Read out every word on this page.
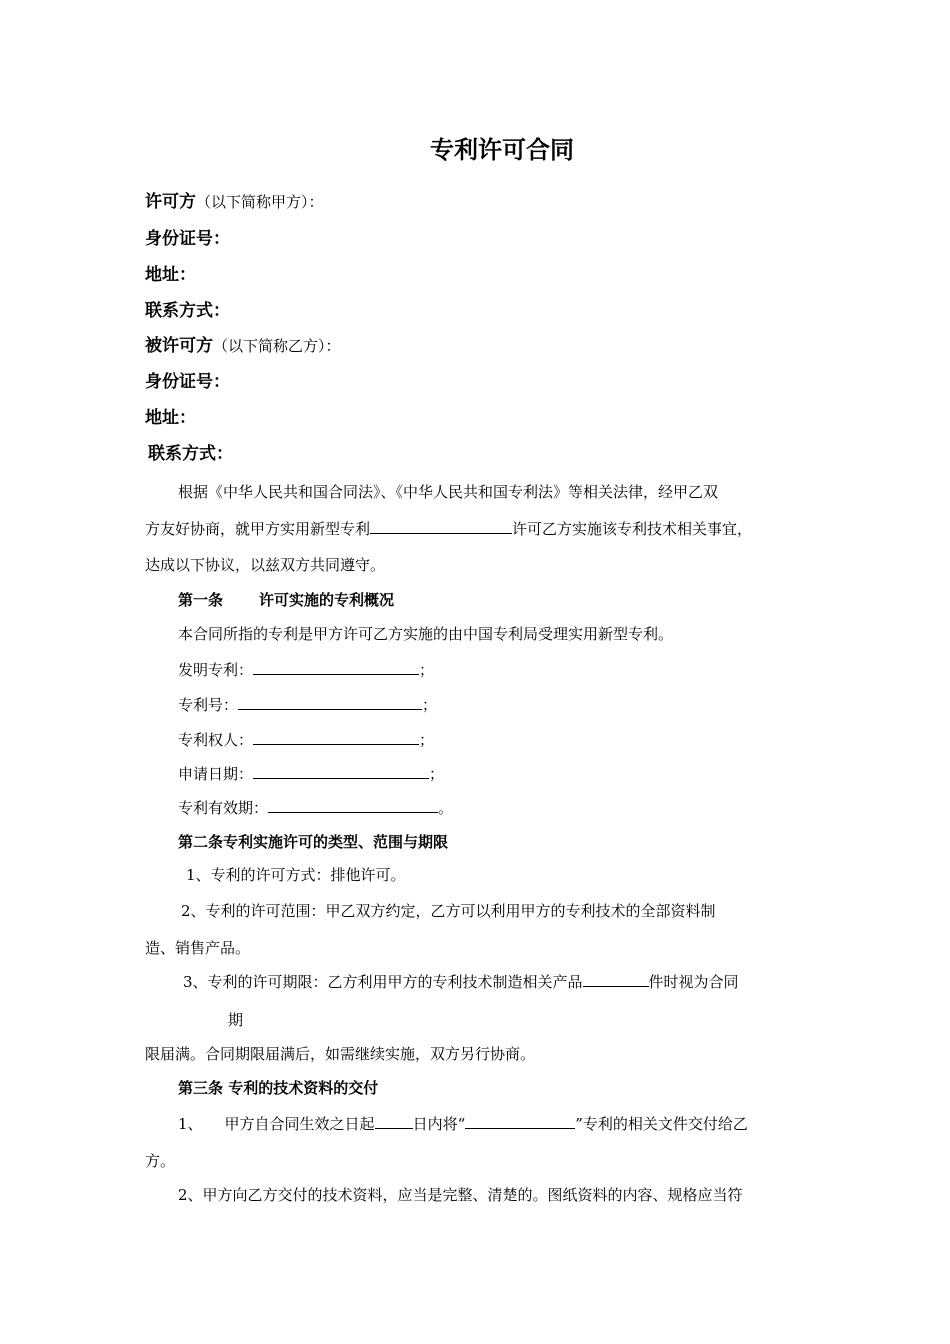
专利许可合同
许可方（以下简称甲方）：
身份证号：
地址：
联系方式：
被许可方（以下简称乙方）：
身份证号：
地址：
联系方式：
根据《中华人民共和国合同法》、《中华人民共和国专利法》等相关法律，经甲乙双
方友好协商，就甲方实用新型专利	许可乙方实施该专利技术相关事宜，
达成以下协议，以兹双方共同遵守。
第一条 许可实施的专利概况
本合同所指的专利是甲方许可乙方实施的由中国专利局受理实用新型专利。
发明专利：	；
专利号：	；
专利权人：	；
申请日期：	；
专利有效期：	。
第二条专利实施许可的类型、范围与期限
1、专利的许可方式：排他许可。
2、专利的许可范围：甲乙双方约定，乙方可以利用甲方的专利技术的全部资料制
造、销售产品。
3、专利的许可期限：乙方利用甲方的专利技术制造相关产品	件时视为合同
期
限届满。合同期限届满后，如需继续实施，双方另行协商。
第三条 专利的技术资料的交付
1、 甲方自合同生效之日起	日内将“	”专利的相关文件交付给乙
方。
2、甲方向乙方交付的技术资料，应当是完整、清楚的。图纸资料的内容、规格应当符
